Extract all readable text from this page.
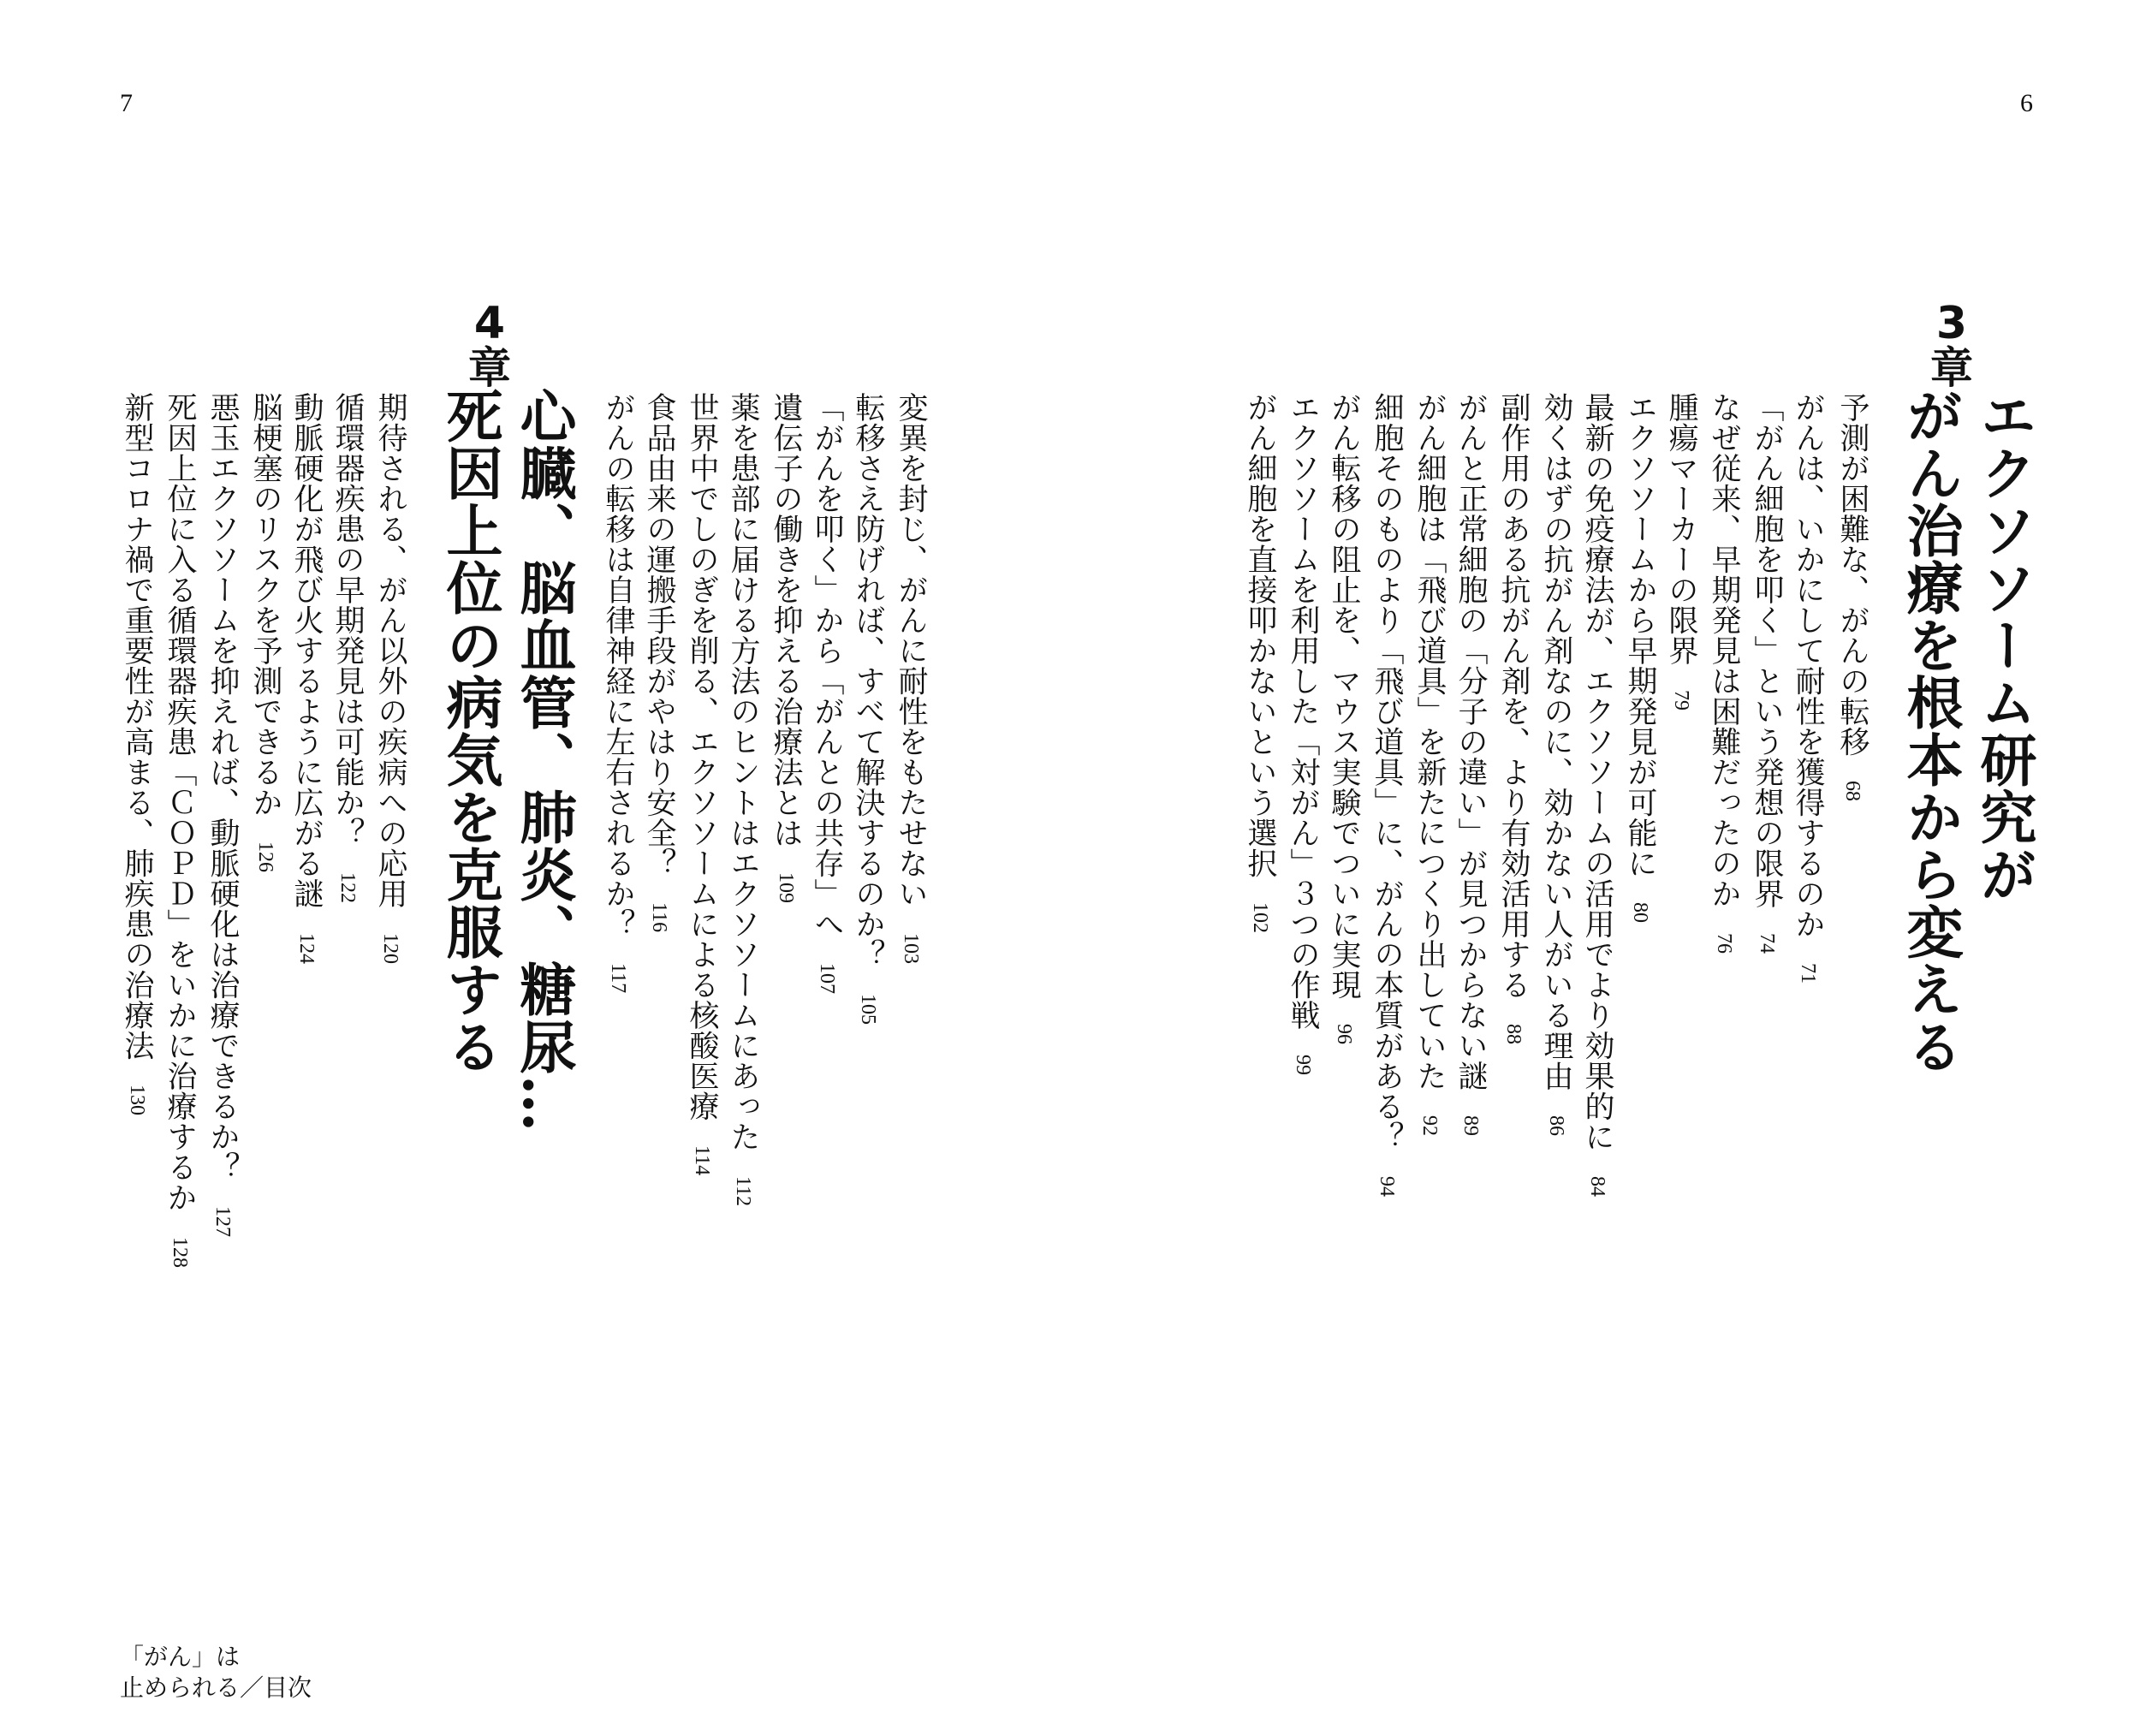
7	6
3
章
エクソソーム研究が
がん治療を根本から変える
予測が困難な、がんの転移68
がんは、いかにして耐性を獲得するのか71
「がん細胞を叩く」という発想の限界74
なぜ従来、早期発見は困難だったのか76
腫瘍マーカーの限界79
エクソソームから早期発見が可能に80
最新の免疫療法が、エクソソームの活用でより効果的に84
効くはずの抗がん剤なのに、効かない人がいる理由86
副作用のある抗がん剤を、より有効活用する88
がんと正常細胞の「分子の違い」が見つからない謎89
がん細胞は「飛び道具」を新たにつくり出していた92
細胞そのものより「飛び道具」に、がんの本質がある？94
がん転移の阻止を、マウス実験でついに実現96
エクソソームを利用した「対がん」３つの作戦99
がん細胞を直接叩かないという選択102
変異を封じ、がんに耐性をもたせない103
転移さえ防げれば、すべて解決するのか？105
「がんを叩く」から「がんとの共存」へ107
遺伝子の働きを抑える治療法とは109
薬を患部に届ける方法のヒントはエクソソームにあった112
世界中でしのぎを削る、エクソソームによる核酸医療114
食品由来の運搬手段がやはり安全？116
がんの転移は自律神経に左右されるか？117
4
章
心臓、脳血管、肺炎、糖尿…
死因上位の病気を克服する
期待される、がん以外の疾病への応用120
循環器疾患の早期発見は可能か？122
動脈硬化が飛び火するように広がる謎124
脳梗塞のリスクを予測できるか126
悪玉エクソソームを抑えれば、動脈硬化は治療できるか？127
死因上位に入る循環器疾患「ＣＯＰＤ」をいかに治療するか128
新型コロナ禍で重要性が高まる、肺疾患の治療法130
「がん」は
止められる／目次
